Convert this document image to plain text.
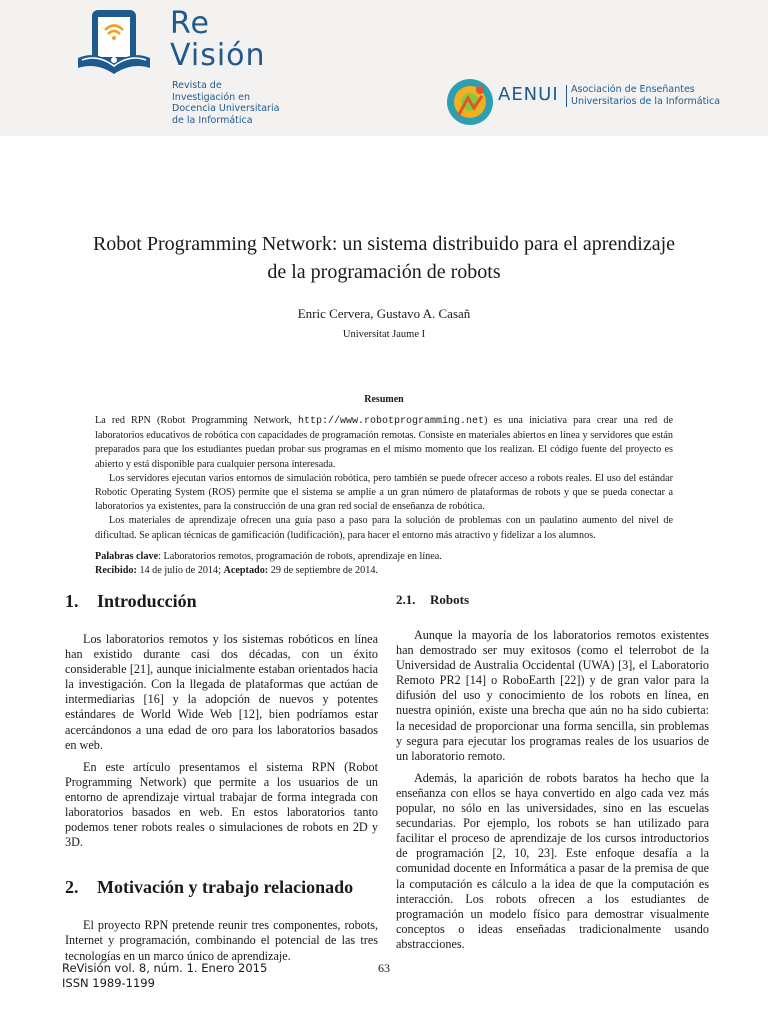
Re
Visión
Revista de
Investigación en
Docencia Universitaria
de la Informática
AENUI Asociación de Enseñantes
Universitarios de la Informática
Robot Programming Network: un sistema distribuido para el aprendizaje
de la programación de robots
Enric Cervera, Gustavo A. Casañ
Universitat Jaume I
Resumen

La red RPN (Robot Programming Network, http://www.robotprogramming.net) es una iniciativa para crear una red de laboratorios educativos de robótica con capacidades de programación remotas. Consiste en materiales abiertos en línea y servidores que están preparados para que los estudiantes puedan probar sus programas en el mismo momento que los realizan. El código fuente del proyecto es abierto y está disponible para cualquier persona interesada.

Los servidores ejecutan varios entornos de simulación robótica, pero también se puede ofrecer acceso a robots reales. El uso del estándar Robotic Operating System (ROS) permite que el sistema se amplíe a un gran número de plataformas de robots y que se pueda conectar a laboratorios ya existentes, para la construcción de una gran red social de enseñanza de robótica.

Los materiales de aprendizaje ofrecen una guía paso a paso para la solución de problemas con un paulatino aumento del nivel de dificultad. Se aplican técnicas de gamificación (ludificación), para hacer el entorno más atractivo y fidelizar a los alumnos.

Palabras clave: Laboratorios remotos, programación de robots, aprendizaje en línea.
Recibido: 14 de julio de 2014; Aceptado: 29 de septiembre de 2014.
1. Introducción

Los laboratorios remotos y los sistemas robóticos en línea han existido durante casi dos décadas, con un éxito considerable [21], aunque inicialmente estaban orientados hacia la investigación. Con la llegada de plataformas que actúan de intermediarias [16] y la adopción de nuevos y potentes estándares de World Wide Web [12], bien podríamos estar acercándonos a una edad de oro para los laboratorios basados en web.

En este artículo presentamos el sistema RPN (Robot Programming Network) que permite a los usuarios de un entorno de aprendizaje virtual trabajar de forma integrada con laboratorios basados en web. En estos laboratorios tanto podemos tener robots reales o simulaciones de robots en 2D y 3D.

2. Motivación y trabajo relacionado

El proyecto RPN pretende reunir tres componentes, robots, Internet y programación, combinando el potencial de las tres tecnologías en un marco único de aprendizaje.

2.1. Robots

Aunque la mayoría de los laboratorios remotos existentes han demostrado ser muy exitosos (como el telerrobot de la Universidad de Australia Occidental (UWA) [3], el Laboratorio Remoto PR2 [14] o RoboEarth [22]) y de gran valor para la difusión del uso y conocimiento de los robots en línea, en nuestra opinión, existe una brecha que aún no ha sido cubierta: la necesidad de proporcionar una forma sencilla, sin problemas y segura para ejecutar los programas reales de los usuarios de un laboratorio remoto.

Además, la aparición de robots baratos ha hecho que la enseñanza con ellos se haya convertido en algo cada vez más popular, no sólo en las universidades, sino en las escuelas secundarias. Por ejemplo, los robots se han utilizado para facilitar el proceso de aprendizaje de los cursos introductorios de programación [2, 10, 23]. Este enfoque desafía a la comunidad docente en Informática a pasar de la premisa de que la computación es cálculo a la idea de que la computación es interacción. Los robots ofrecen a los estudiantes de programación un modelo físico para demostrar visualmente conceptos o ideas enseñadas tradicionalmente usando abstracciones.

ReVisión vol. 8, núm. 1. Enero 2015
ISSN 1989-1199
63
